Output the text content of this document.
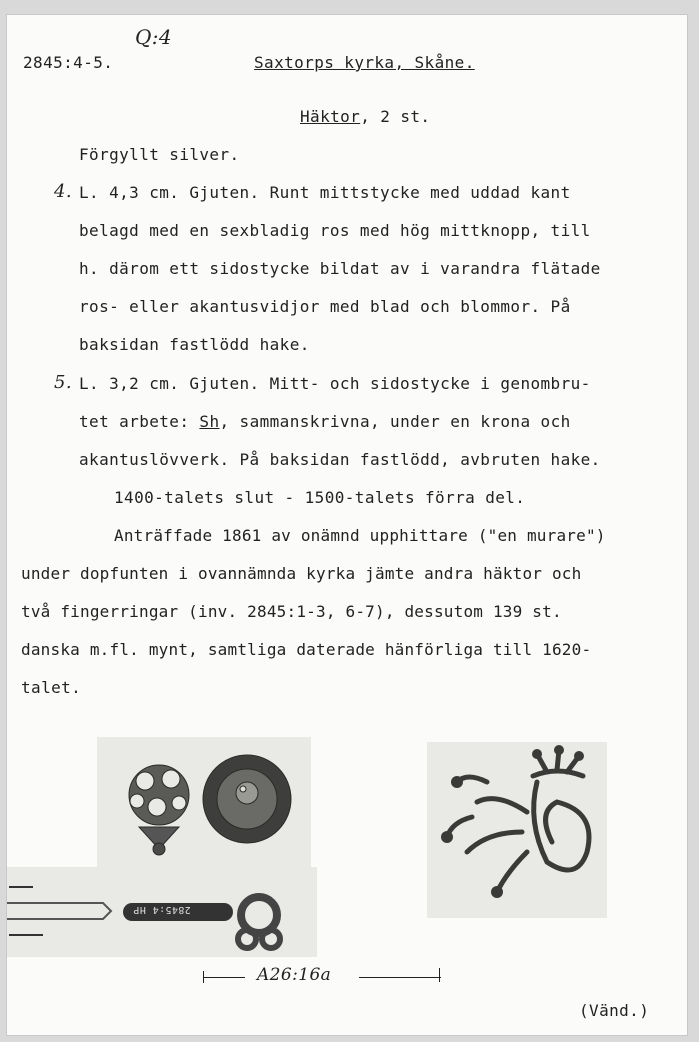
2845:4-5.
Q:4
Saxtorps kyrka, Skåne.
Häktor, 2 st.
Förgyllt silver.
4. L. 4,3 cm. Gjuten. Runt mittstycke med uddad kant
belagd med en sexbladig ros med hög mittknopp, till
h. därom ett sidostycke bildat av i varandra flätade
ros- eller akantusvidjor med blad och blommor. På
baksidan fastlödd hake.
5. L. 3,2 cm. Gjuten. Mitt- och sidostycke i genombru-
tet arbete: Sh, sammanskrivna, under en krona och
akantuslövverk. På baksidan fastlödd, avbruten hake.
1400-talets slut - 1500-talets förra del.
Anträffade 1861 av onämnd upphittare ("en murare")
under dopfunten i ovannämnda kyrka jämte andra häktor och
två fingerringar (inv. 2845:1-3, 6-7), dessutom 139 st.
danska m.fl. mynt, samtliga daterade hänförliga till 1620-
talet.
2845:4 HP
A26:16a
(Vänd.)
